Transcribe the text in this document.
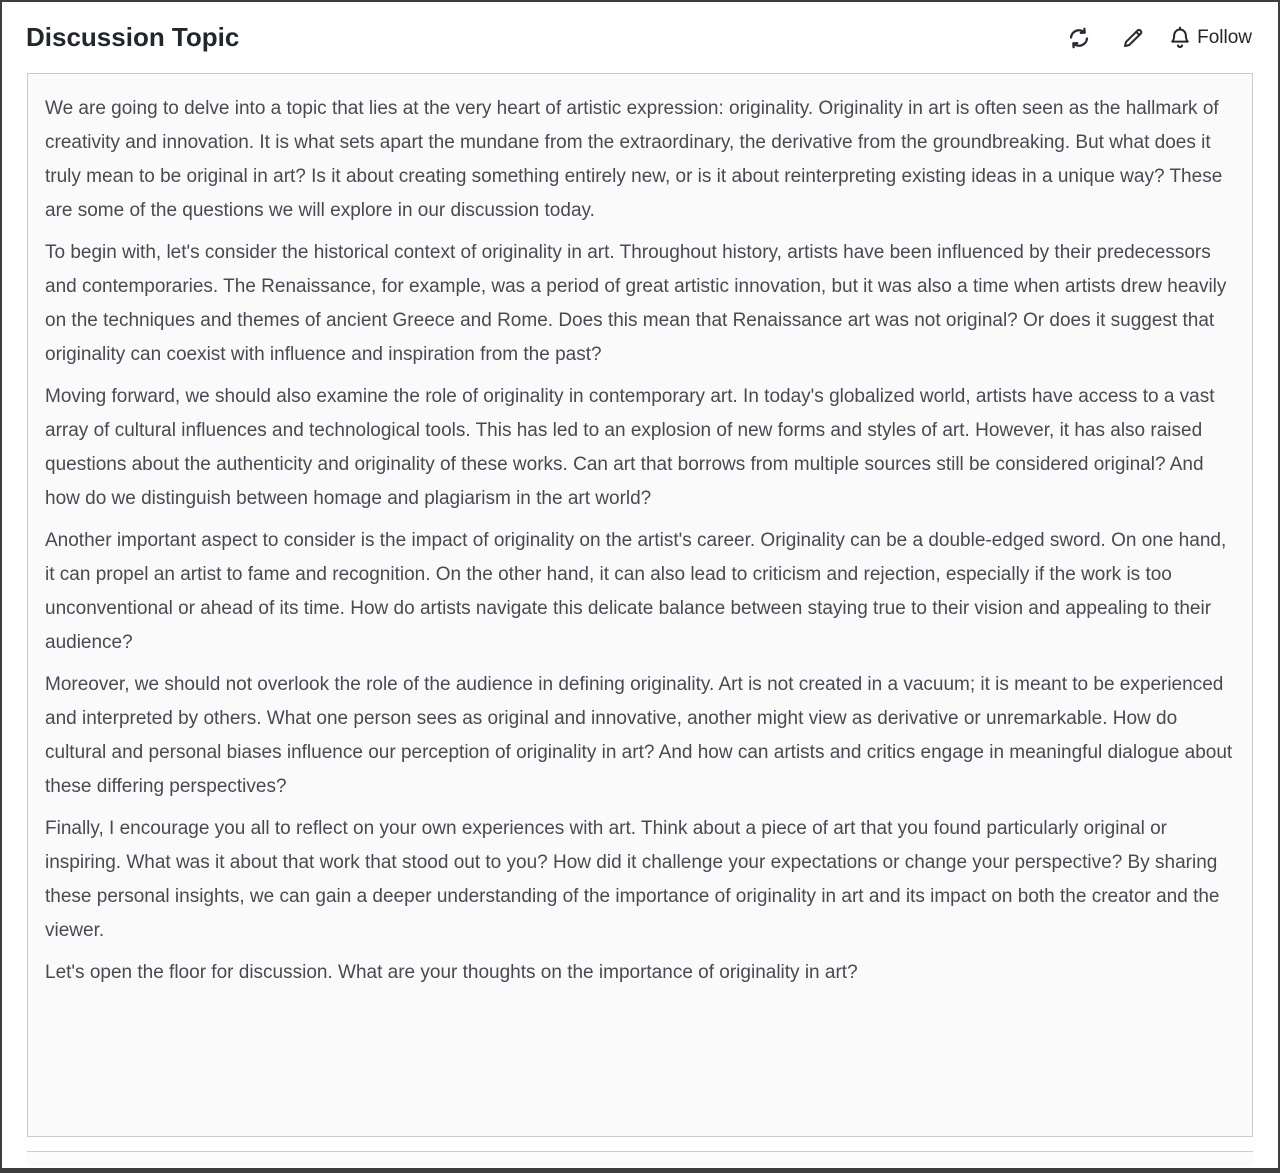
Discussion Topic	Follow

We are going to delve into a topic that lies at the very heart of artistic expression: originality. Originality in art is often seen as the hallmark of creativity and innovation. It is what sets apart the mundane from the extraordinary, the derivative from the groundbreaking. But what does it truly mean to be original in art? Is it about creating something entirely new, or is it about reinterpreting existing ideas in a unique way? These are some of the questions we will explore in our discussion today.

To begin with, let's consider the historical context of originality in art. Throughout history, artists have been influenced by their predecessors and contemporaries. The Renaissance, for example, was a period of great artistic innovation, but it was also a time when artists drew heavily on the techniques and themes of ancient Greece and Rome. Does this mean that Renaissance art was not original? Or does it suggest that originality can coexist with influence and inspiration from the past?

Moving forward, we should also examine the role of originality in contemporary art. In today's globalized world, artists have access to a vast array of cultural influences and technological tools. This has led to an explosion of new forms and styles of art. However, it has also raised questions about the authenticity and originality of these works. Can art that borrows from multiple sources still be considered original? And how do we distinguish between homage and plagiarism in the art world?

Another important aspect to consider is the impact of originality on the artist's career. Originality can be a double-edged sword. On one hand, it can propel an artist to fame and recognition. On the other hand, it can also lead to criticism and rejection, especially if the work is too unconventional or ahead of its time. How do artists navigate this delicate balance between staying true to their vision and appealing to their audience?

Moreover, we should not overlook the role of the audience in defining originality. Art is not created in a vacuum; it is meant to be experienced and interpreted by others. What one person sees as original and innovative, another might view as derivative or unremarkable. How do cultural and personal biases influence our perception of originality in art? And how can artists and critics engage in meaningful dialogue about these differing perspectives?

Finally, I encourage you all to reflect on your own experiences with art. Think about a piece of art that you found particularly original or inspiring. What was it about that work that stood out to you? How did it challenge your expectations or change your perspective? By sharing these personal insights, we can gain a deeper understanding of the importance of originality in art and its impact on both the creator and the viewer.

Let's open the floor for discussion. What are your thoughts on the importance of originality in art?
